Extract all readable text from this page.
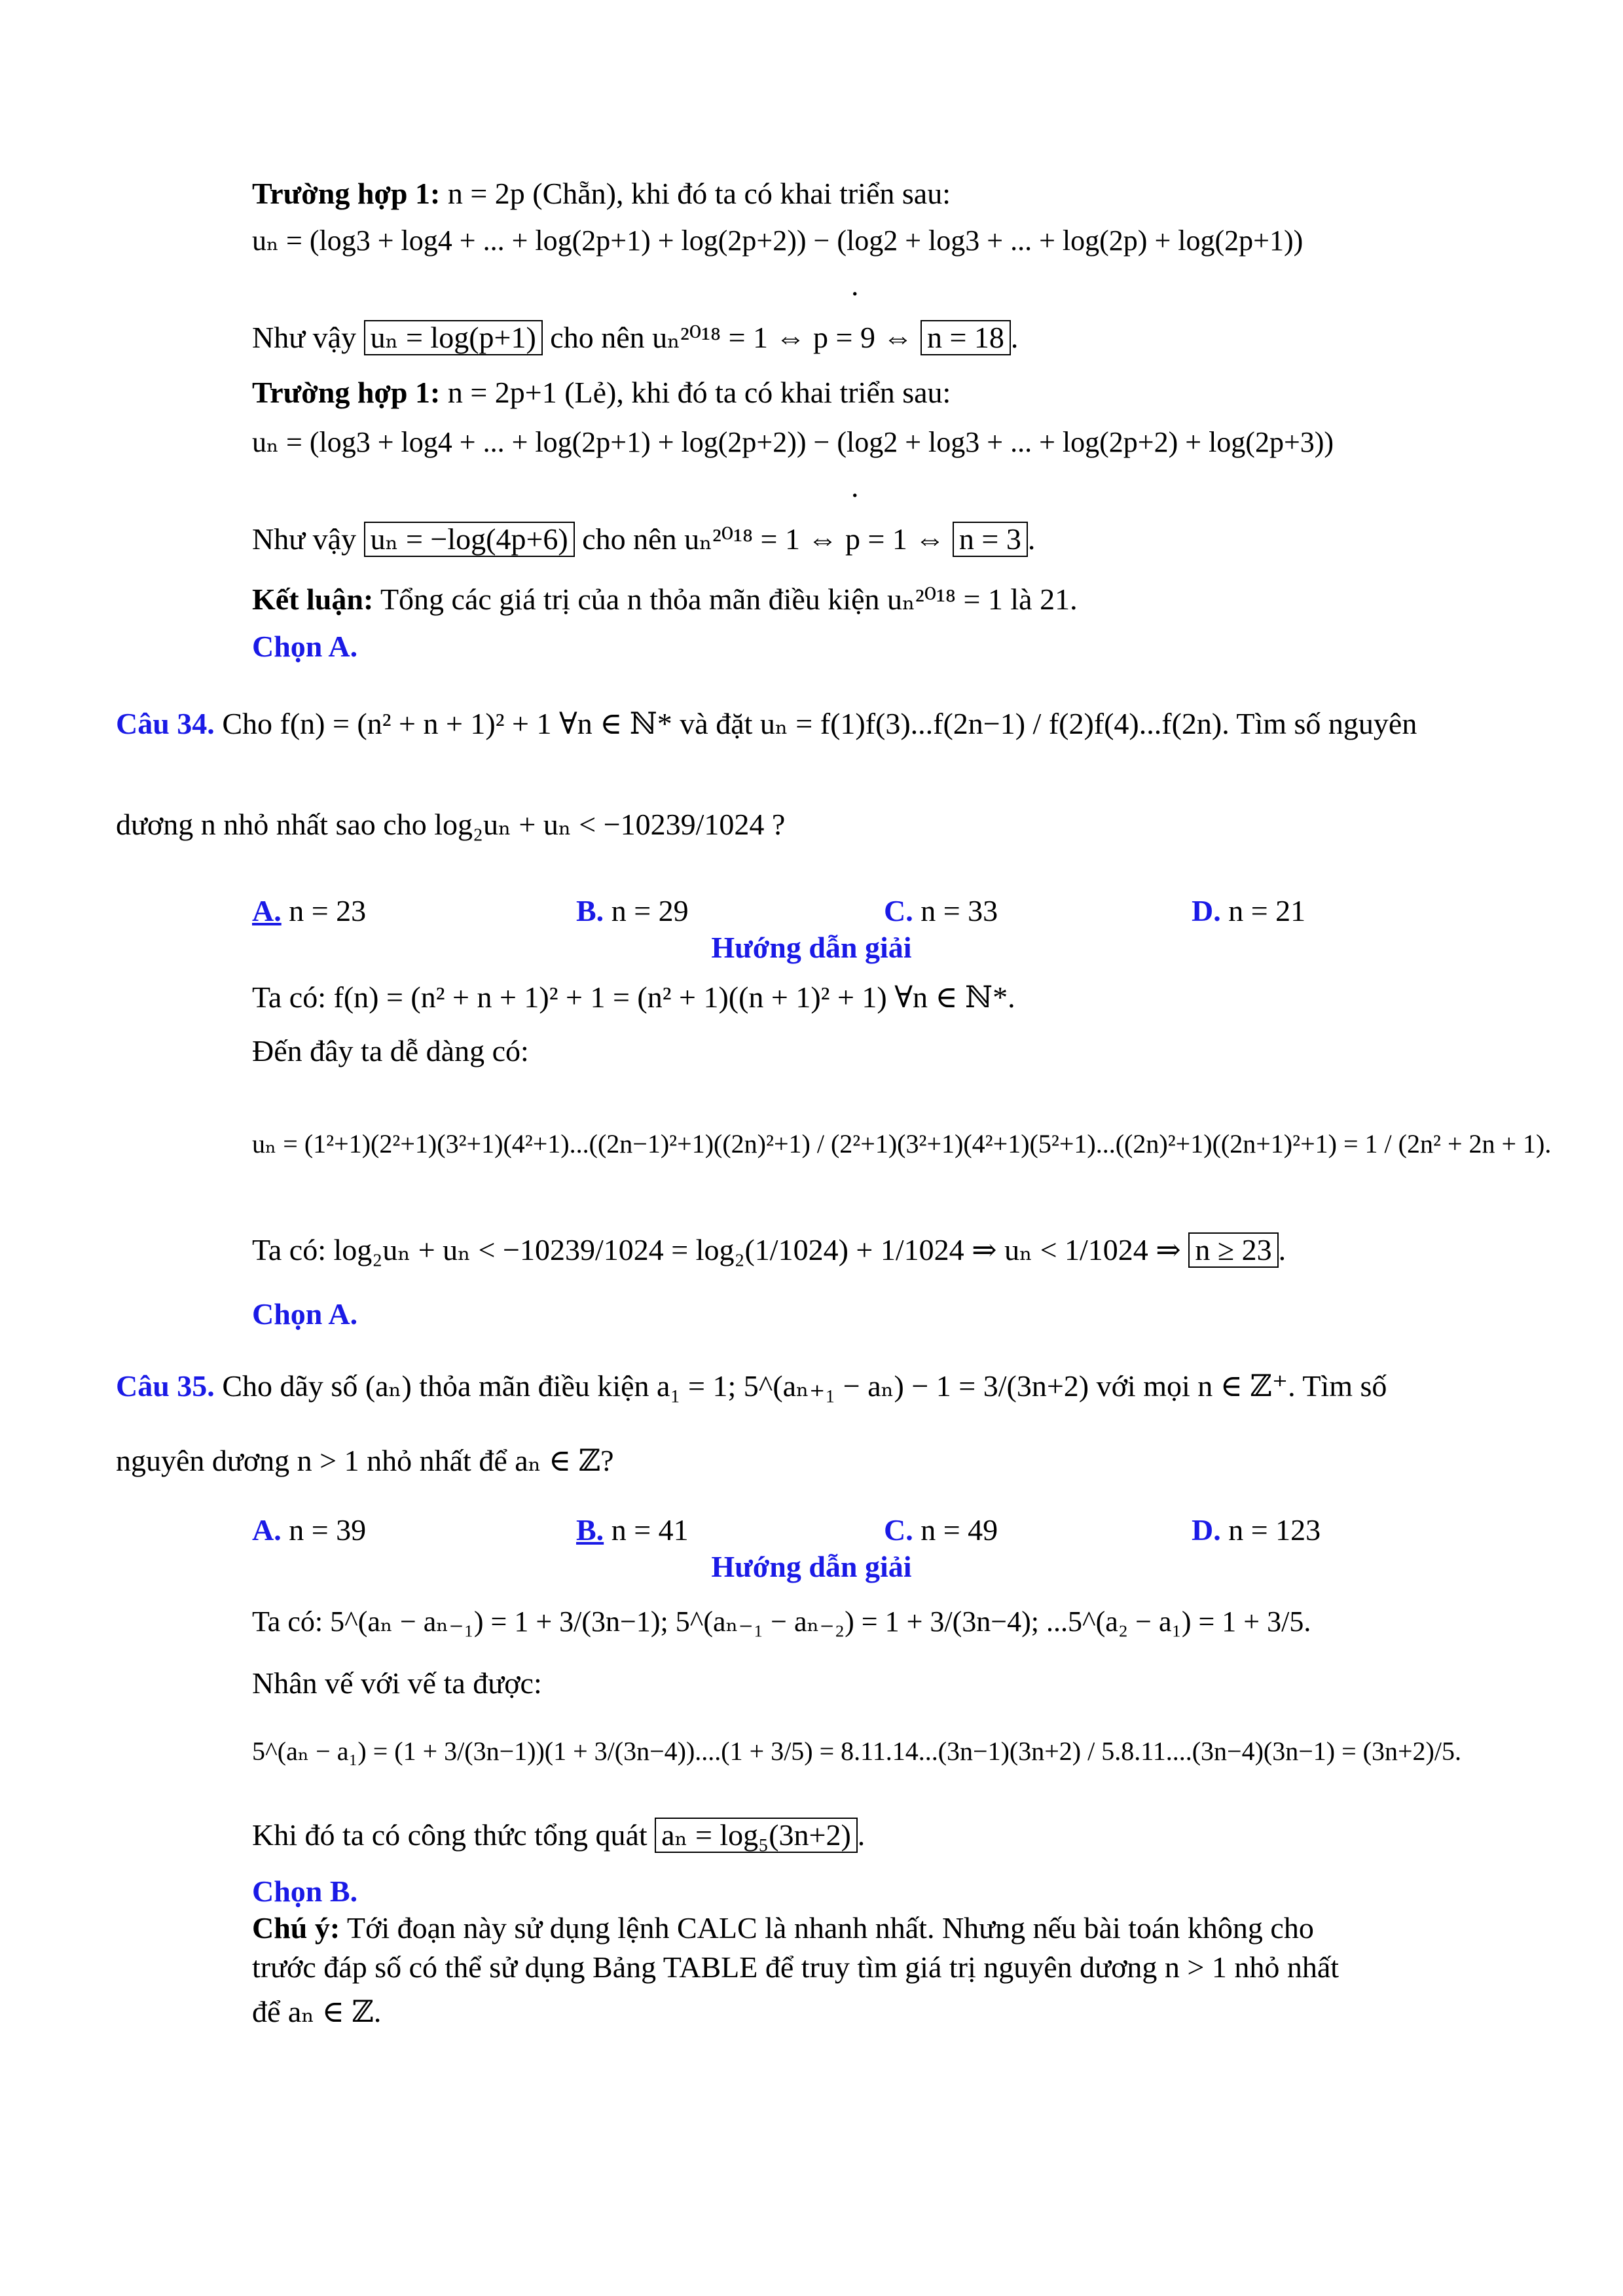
Trường hợp 1: n = 2p (Chẵn), khi đó ta có khai triển sau:
uₙ = (log3 + log4 + ... + log(2p+1) + log(2p+2)) − (log2 + log3 + ... + log(2p) + log(2p+1))
.
Như vậy uₙ = log(p+1) cho nên uₙ²⁰¹⁸ = 1 ⇔ p = 9 ⇔ n = 18 .
Trường hợp 1: n = 2p+1 (Lẻ), khi đó ta có khai triển sau:
uₙ = (log3 + log4 + ... + log(2p+1) + log(2p+2)) − (log2 + log3 + ... + log(2p+2) + log(2p+3))
.
Như vậy uₙ = −log(4p+6) cho nên uₙ²⁰¹⁸ = 1 ⇔ p = 1 ⇔ n = 3 .
Kết luận: Tổng các giá trị của n thỏa mãn điều kiện uₙ²⁰¹⁸ = 1 là 21.
Chọn A.
Câu 34. Cho f(n) = (n² + n + 1)² + 1 ∀n ∈ ℕ* và đặt uₙ = f(1)f(3)...f(2n−1) / f(2)f(4)...f(2n). Tìm số nguyên
dương n nhỏ nhất sao cho log₂uₙ + uₙ < −10239/1024 ?
A. n = 23	B. n = 29	C. n = 33	D. n = 21
Hướng dẫn giải
Ta có: f(n) = (n² + n + 1)² + 1 = (n² + 1)((n + 1)² + 1) ∀n ∈ ℕ*.
Đến đây ta dễ dàng có:
uₙ = (1²+1)(2²+1)(3²+1)(4²+1)...((2n−1)²+1)((2n)²+1) / (2²+1)(3²+1)(4²+1)(5²+1)...((2n)²+1)((2n+1)²+1) = 1 / (2n² + 2n + 1).
Ta có: log₂uₙ + uₙ < −10239/1024 = log₂(1/1024) + 1/1024 ⇒ uₙ < 1/1024 ⇒ n ≥ 23 .
Chọn A.
Câu 35. Cho dãy số (aₙ) thỏa mãn điều kiện a₁ = 1; 5^(aₙ₊₁ − aₙ) − 1 = 3/(3n+2) với mọi n ∈ ℤ⁺. Tìm số
nguyên dương n > 1 nhỏ nhất để aₙ ∈ ℤ?
A. n = 39	B. n = 41	C. n = 49	D. n = 123
Hướng dẫn giải
Ta có: 5^(aₙ − aₙ₋₁) = 1 + 3/(3n−1); 5^(aₙ₋₁ − aₙ₋₂) = 1 + 3/(3n−4); ...5^(a₂ − a₁) = 1 + 3/5.
Nhân vế với vế ta được:
5^(aₙ − a₁) = (1 + 3/(3n−1))(1 + 3/(3n−4))....(1 + 3/5) = 8.11.14...(3n−1)(3n+2) / 5.8.11....(3n−4)(3n−1) = (3n+2)/5.
Khi đó ta có công thức tổng quát aₙ = log₅(3n+2) .
Chọn B.
Chú ý: Tới đoạn này sử dụng lệnh CALC là nhanh nhất. Nhưng nếu bài toán không cho
trước đáp số có thể sử dụng Bảng TABLE để truy tìm giá trị nguyên dương n > 1 nhỏ nhất
để aₙ ∈ ℤ.
